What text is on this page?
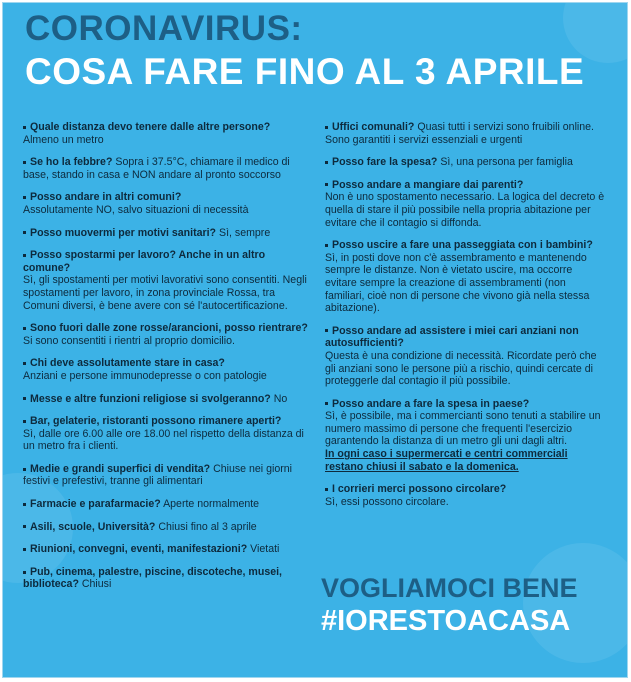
CORONAVIRUS:
COSA FARE FINO AL 3 APRILE
Quale distanza devo tenere dalle altre persone?
Almeno un metro
Se ho la febbre? Sopra i 37.5°C, chiamare il medico di base, stando in casa e NON andare al pronto soccorso
Posso andare in altri comuni?
Assolutamente NO, salvo situazioni di necessità
Posso muovermi per motivi sanitari? Sì, sempre
Posso spostarmi per lavoro? Anche in un altro comune?
Sì, gli spostamenti per motivi lavorativi sono consentiti. Negli spostamenti per lavoro, in zona provinciale Rossa, tra Comuni diversi, è bene avere con sé l'autocertificazione.
Sono fuori dalle zone rosse/arancioni, posso rientrare?
Si sono consentiti i rientri al proprio domicilio.
Chi deve assolutamente stare in casa?
Anziani e persone immunodepresse o con patologie
Messe e altre funzioni religiose si svolgeranno? No
Bar, gelaterie, ristoranti possono rimanere aperti?
Sì, dalle ore 6.00 alle ore 18.00 nel rispetto della distanza di un metro fra i clienti.
Medie e grandi superfici di vendita? Chiuse nei giorni festivi e prefestivi, tranne gli alimentari
Farmacie e parafarmacie? Aperte normalmente
Asili, scuole, Università? Chiusi fino al 3 aprile
Riunioni, convegni, eventi, manifestazioni? Vietati
Pub, cinema, palestre, piscine, discoteche, musei, biblioteca? Chiusi
Uffici comunali? Quasi tutti i servizi sono fruibili online. Sono garantiti i servizi essenziali e urgenti
Posso fare la spesa? Sì, una persona per famiglia
Posso andare a mangiare dai parenti?
Non è uno spostamento necessario. La logica del decreto è quella di stare il più possibile nella propria abitazione per evitare che il contagio si diffonda.
Posso uscire a fare una passeggiata con i bambini?
Sì, in posti dove non c'è assembramento e mantenendo sempre le distanze. Non è vietato uscire, ma occorre evitare sempre la creazione di assembramenti (non familiari, cioè non di persone che vivono già nella stessa abitazione).
Posso andare ad assistere i miei cari anziani non autosufficienti?
Questa è una condizione di necessità. Ricordate però che gli anziani sono le persone più a rischio, quindi cercate di proteggerle dal contagio il più possibile.
Posso andare a fare la spesa in paese?
Sì, è possibile, ma i commercianti sono tenuti a stabilire un numero massimo di persone che frequenti l'esercizio garantendo la distanza di un metro gli uni dagli altri.
In ogni caso i supermercati e centri commerciali restano chiusi il sabato e la domenica.
I corrieri merci possono circolare?
Sì, essi possono circolare.
VOGLIAMOCI BENE
#IORESTOACASA
